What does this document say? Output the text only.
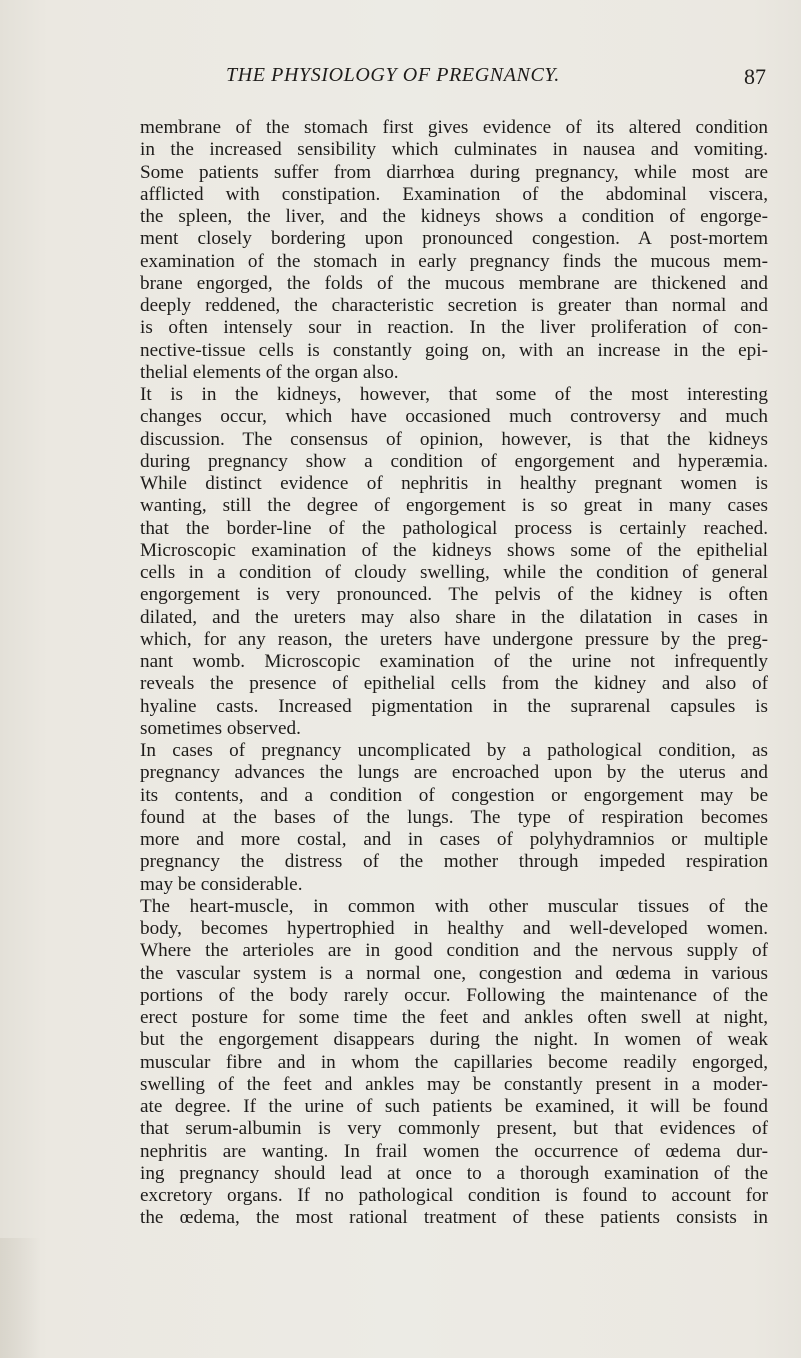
THE PHYSIOLOGY OF PREGNANCY.	87
membrane of the stomach first gives evidence of its altered condition
in the increased sensibility which culminates in nausea and vomiting.
Some patients suffer from diarrhœa during pregnancy, while most are
afflicted with constipation. Examination of the abdominal viscera,
the spleen, the liver, and the kidneys shows a condition of engorge-
ment closely bordering upon pronounced congestion. A post-mortem
examination of the stomach in early pregnancy finds the mucous mem-
brane engorged, the folds of the mucous membrane are thickened and
deeply reddened, the characteristic secretion is greater than normal and
is often intensely sour in reaction. In the liver proliferation of con-
nective-tissue cells is constantly going on, with an increase in the epi-
thelial elements of the organ also.
It is in the kidneys, however, that some of the most interesting
changes occur, which have occasioned much controversy and much
discussion. The consensus of opinion, however, is that the kidneys
during pregnancy show a condition of engorgement and hyperæmia.
While distinct evidence of nephritis in healthy pregnant women is
wanting, still the degree of engorgement is so great in many cases
that the border-line of the pathological process is certainly reached.
Microscopic examination of the kidneys shows some of the epithelial
cells in a condition of cloudy swelling, while the condition of general
engorgement is very pronounced. The pelvis of the kidney is often
dilated, and the ureters may also share in the dilatation in cases in
which, for any reason, the ureters have undergone pressure by the preg-
nant womb. Microscopic examination of the urine not infrequently
reveals the presence of epithelial cells from the kidney and also of
hyaline casts. Increased pigmentation in the suprarenal capsules is
sometimes observed.
In cases of pregnancy uncomplicated by a pathological condition, as
pregnancy advances the lungs are encroached upon by the uterus and
its contents, and a condition of congestion or engorgement may be
found at the bases of the lungs. The type of respiration becomes
more and more costal, and in cases of polyhydramnios or multiple
pregnancy the distress of the mother through impeded respiration
may be considerable.
The heart-muscle, in common with other muscular tissues of the
body, becomes hypertrophied in healthy and well-developed women.
Where the arterioles are in good condition and the nervous supply of
the vascular system is a normal one, congestion and œdema in various
portions of the body rarely occur. Following the maintenance of the
erect posture for some time the feet and ankles often swell at night,
but the engorgement disappears during the night. In women of weak
muscular fibre and in whom the capillaries become readily engorged,
swelling of the feet and ankles may be constantly present in a moder-
ate degree. If the urine of such patients be examined, it will be found
that serum-albumin is very commonly present, but that evidences of
nephritis are wanting. In frail women the occurrence of œdema dur-
ing pregnancy should lead at once to a thorough examination of the
excretory organs. If no pathological condition is found to account for
the œdema, the most rational treatment of these patients consists in
